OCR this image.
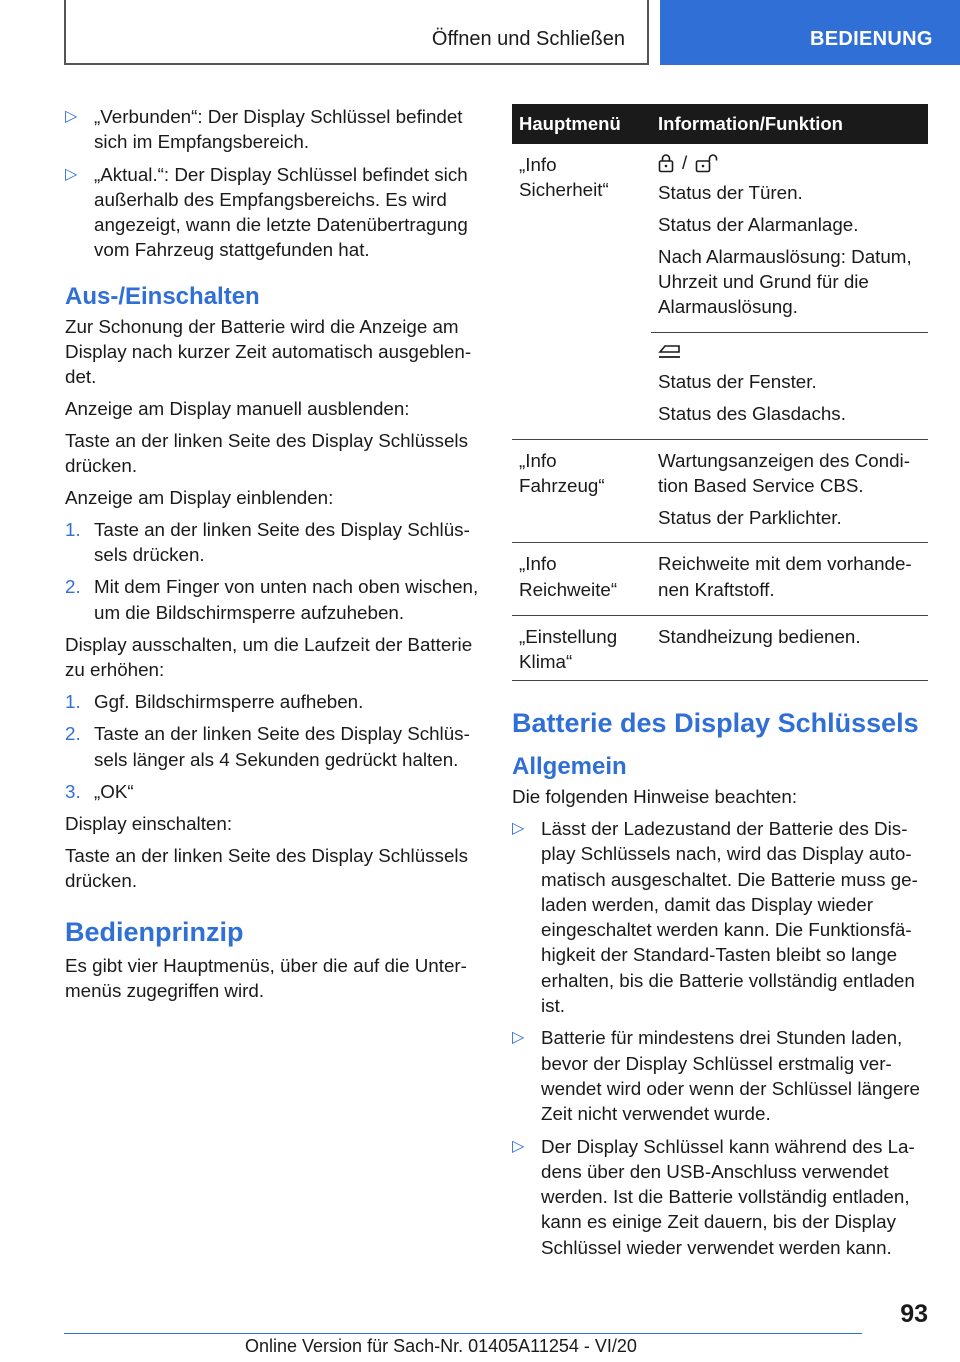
Öffnen und Schließen	BEDIENUNG
▷ „Verbunden“: Der Display Schlüssel befindet sich im Empfangsbereich.
▷ „Aktual.“: Der Display Schlüssel befindet sich außerhalb des Empfangsbereichs. Es wird angezeigt, wann die letzte Datenübertragung vom Fahrzeug stattgefunden hat.
Aus-/Einschalten

Zur Schonung der Batterie wird die Anzeige am Display nach kurzer Zeit automatisch ausgeblendet.

Anzeige am Display manuell ausblenden:

Taste an der linken Seite des Display Schlüssels drücken.

Anzeige am Display einblenden:

1. Taste an der linken Seite des Display Schlüssels drücken.
2. Mit dem Finger von unten nach oben wischen, um die Bildschirmsperre aufzuheben.

Display ausschalten, um die Laufzeit der Batterie zu erhöhen:

1. Ggf. Bildschirmsperre aufheben.
2. Taste an der linken Seite des Display Schlüssels länger als 4 Sekunden gedrückt halten.
3. „OK“

Display einschalten:

Taste an der linken Seite des Display Schlüssels drücken.

Bedienprinzip

Es gibt vier Hauptmenüs, über die auf die Untermenüs zugegriffen wird.

Hauptmenü	Information/Funktion
„Info Sicherheit“	/

Status der Türen.

Status der Alarmanlage.

Nach Alarmauslösung: Datum, Uhrzeit und Grund für die Alarmauslösung.

	Status der Fenster.

Status des Glasdachs.

„Info Fahrzeug“	Wartungsanzeigen des Condition Based Service CBS.

Status der Parklichter.

„Info Reichweite“	Reichweite mit dem vorhandenen Kraftstoff.

„Einstellung Klima“	Standheizung bedienen.

Batterie des Display Schlüssels
Allgemein

Die folgenden Hinweise beachten:

▷ Lässt der Ladezustand der Batterie des Display Schlüssels nach, wird das Display automatisch ausgeschaltet. Die Batterie muss geladen werden, damit das Display wieder eingeschaltet werden kann. Die Funktionsfähigkeit der Standard-Tasten bleibt so lange erhalten, bis die Batterie vollständig entladen ist.
▷ Batterie für mindestens drei Stunden laden, bevor der Display Schlüssel erstmalig verwendet wird oder wenn der Schlüssel längere Zeit nicht verwendet wurde.
▷ Der Display Schlüssel kann während des Ladens über den USB-Anschluss verwendet werden. Ist die Batterie vollständig entladen, kann es einige Zeit dauern, bis der Display Schlüssel wieder verwendet werden kann.
93
Online Version für Sach-Nr. 01405A11254 - VI/20
